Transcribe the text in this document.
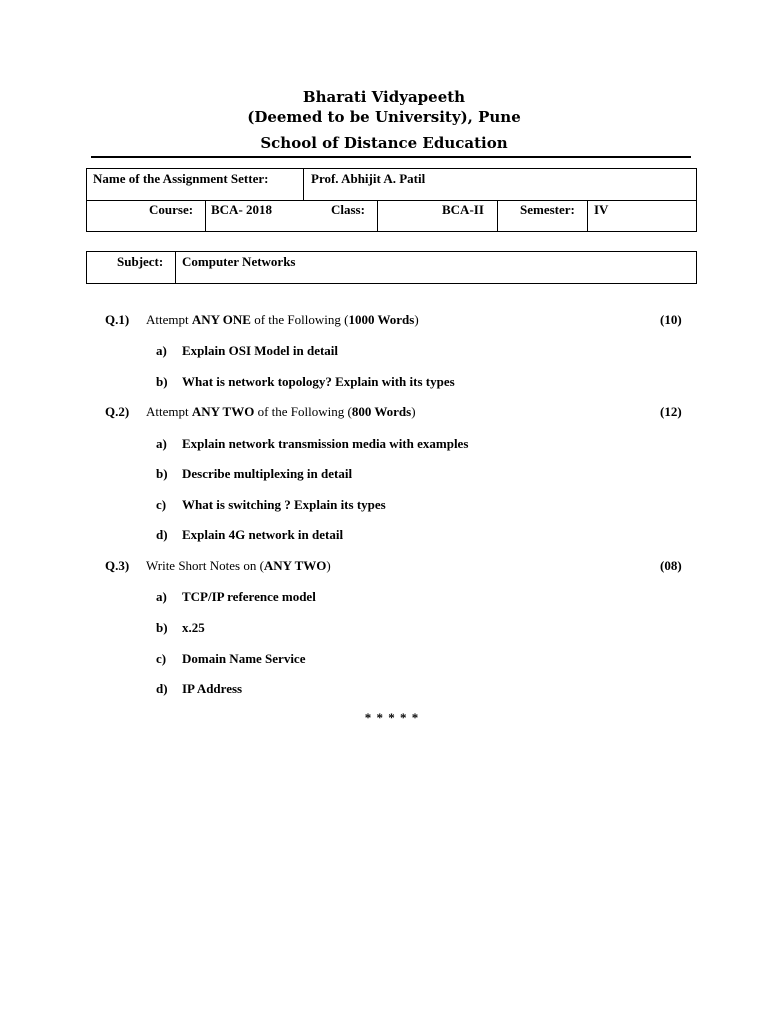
Bharati Vidyapeeth
(Deemed to be University), Pune
School of Distance Education
Name of the Assignment Setter:	Prof. Abhijit A. Patil
Course: BCA- 2018	Class:	BCA-II	Semester: IV
Subject: Computer Networks
Q.1) Attempt ANY ONE of the Following (1000 Words)	(10)
a) Explain OSI Model in detail
b) What is network topology? Explain with its types
Q.2) Attempt ANY TWO of the Following (800 Words)	(12)
a) Explain network transmission media with examples
b) Describe multiplexing in detail
c) What is switching ? Explain its types
d) Explain 4G network in detail
Q.3) Write Short Notes on (ANY TWO)	(08)
a) TCP/IP reference model
b) x.25
c) Domain Name Service
d) IP Address
* * * * *
